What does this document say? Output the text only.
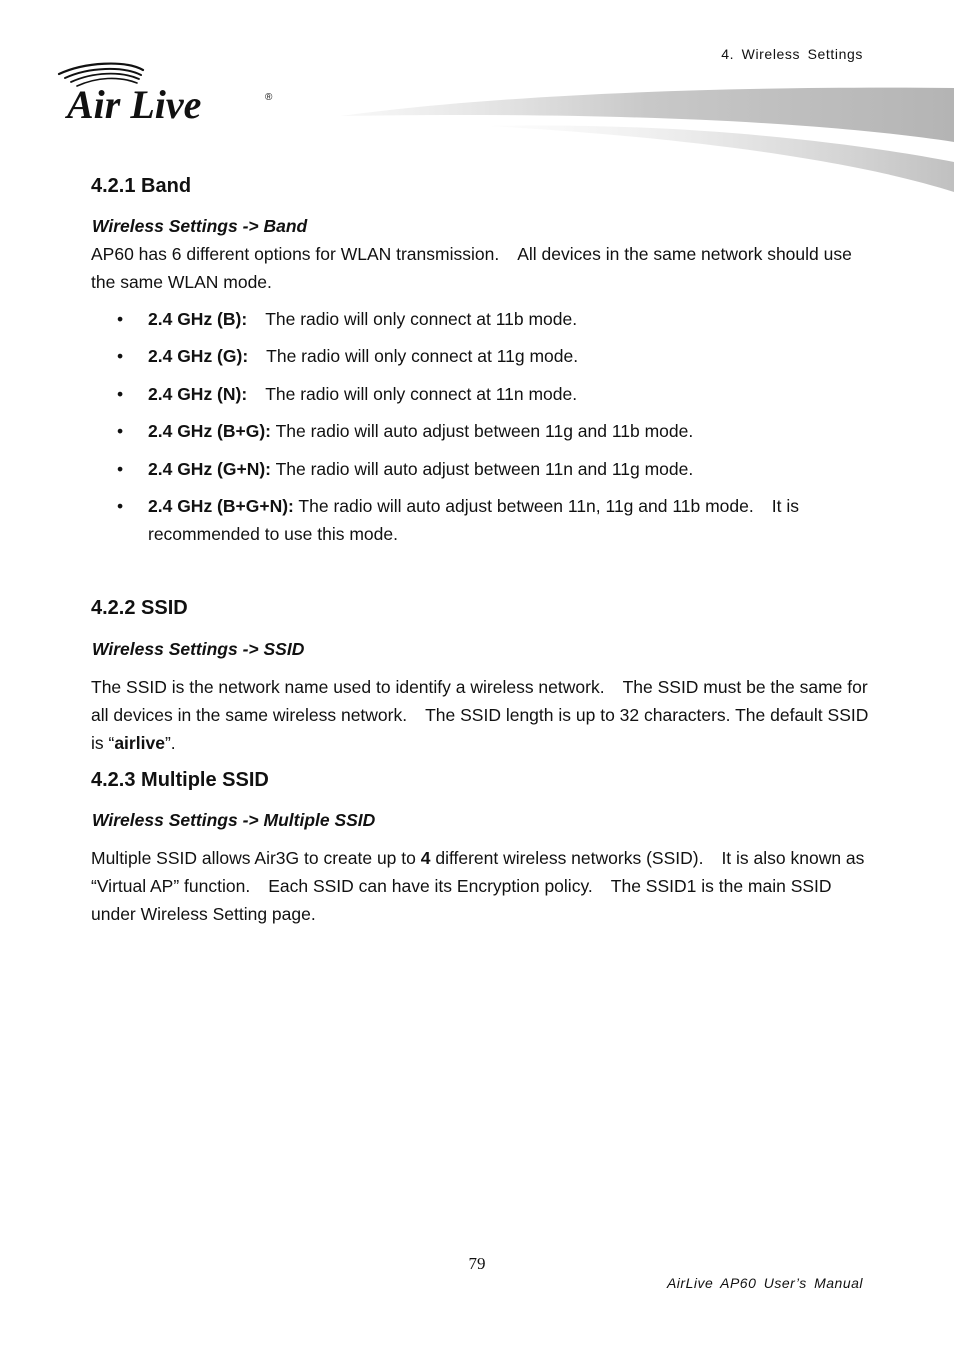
4. Wireless Settings
Air Live	®
4.2.1 Band
Wireless Settings -> Band

AP60 has 6 different options for WLAN transmission. All devices in the same network should use the same WLAN mode.

• 2.4 GHz (B): The radio will only connect at 11b mode.
• 2.4 GHz (G): The radio will only connect at 11g mode.
• 2.4 GHz (N): The radio will only connect at 11n mode.
• 2.4 GHz (B+G): The radio will auto adjust between 11g and 11b mode.
• 2.4 GHz (G+N): The radio will auto adjust between 11n and 11g mode.
• 2.4 GHz (B+G+N): The radio will auto adjust between 11n, 11g and 11b mode. It is recommended to use this mode.
4.2.2 SSID
Wireless Settings -> SSID

The SSID is the network name used to identify a wireless network. The SSID must be the same for all devices in the same wireless network. The SSID length is up to 32 characters. The default SSID is “airlive”.

4.2.3 Multiple SSID
Wireless Settings -> Multiple SSID

Multiple SSID allows Air3G to create up to 4 different wireless networks (SSID). It is also known as “Virtual AP” function. Each SSID can have its Encryption policy. The SSID1 is the main SSID under Wireless Setting page.

79
AirLive AP60 User’s Manual
